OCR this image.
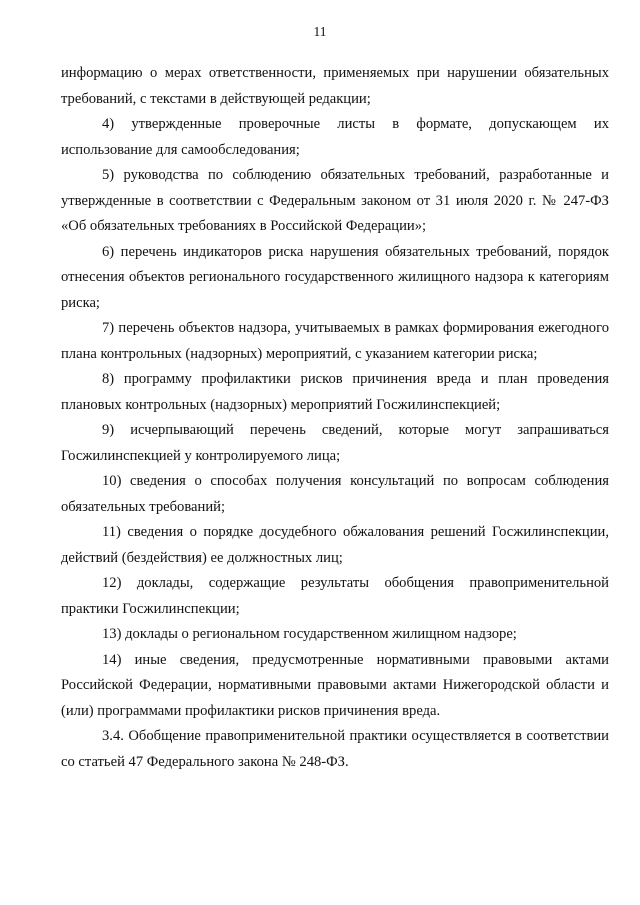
11

информацию о мерах ответственности, применяемых при нарушении обязательных требований, с текстами в действующей редакции;

4) утвержденные проверочные листы в формате, допускающем их использование для самообследования;

5) руководства по соблюдению обязательных требований, разработанные и утвержденные в соответствии с Федеральным законом от 31 июля 2020 г. № 247-ФЗ «Об обязательных требованиях в Российской Федерации»;

6) перечень индикаторов риска нарушения обязательных требований, порядок отнесения объектов регионального государственного жилищного надзора к категориям риска;

7) перечень объектов надзора, учитываемых в рамках формирования ежегодного плана контрольных (надзорных) мероприятий, с указанием категории риска;

8) программу профилактики рисков причинения вреда и план проведения плановых контрольных (надзорных) мероприятий Госжилинспекцией;

9) исчерпывающий перечень сведений, которые могут запрашиваться Госжилинспекцией у контролируемого лица;

10) сведения о способах получения консультаций по вопросам соблюдения обязательных требований;

11) сведения о порядке досудебного обжалования решений Госжилинспекции, действий (бездействия) ее должностных лиц;

12) доклады, содержащие результаты обобщения правоприменительной практики Госжилинспекции;

13) доклады о региональном государственном жилищном надзоре;

14) иные сведения, предусмотренные нормативными правовыми актами Российской Федерации, нормативными правовыми актами Нижегородской области и (или) программами профилактики рисков причинения вреда.

3.4. Обобщение правоприменительной практики осуществляется в соответствии со статьей 47 Федерального закона № 248-ФЗ.
